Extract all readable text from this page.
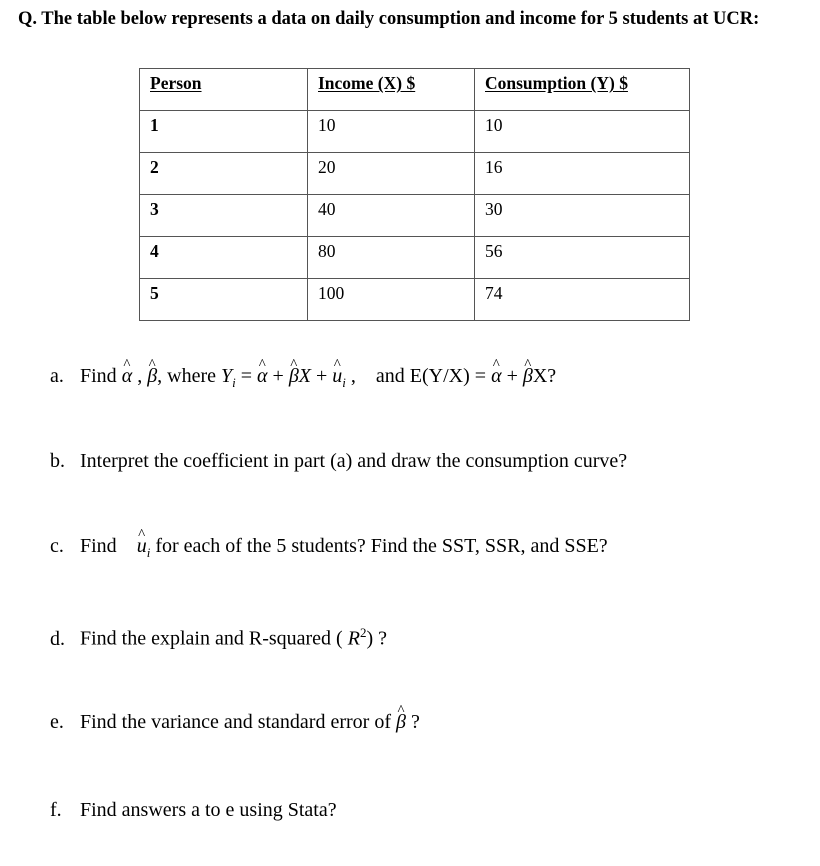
Q. The table below represents a data on daily consumption and income for 5 students at UCR:

Person	Income (X) $	Consumption (Y) $
1	10	10
2	20	16
3	40	30
4	80	56
5	100	74

a. Find ^ α , ^ β, where $Y_i$ = ^ α + ^ βX + ^ $u_i$ , and E(Y/X) = ^ α + ^ βX?

b. Interpret the coefficient in part (a) and draw the consumption curve?

c. Find ^ $u_i$ for each of the 5 students? Find the SST, SSR, and SSE?

d. Find the explain and R-squared ( $R^2$) ?

e. Find the variance and standard error of ^ β ?

f. Find answers a to e using Stata?
